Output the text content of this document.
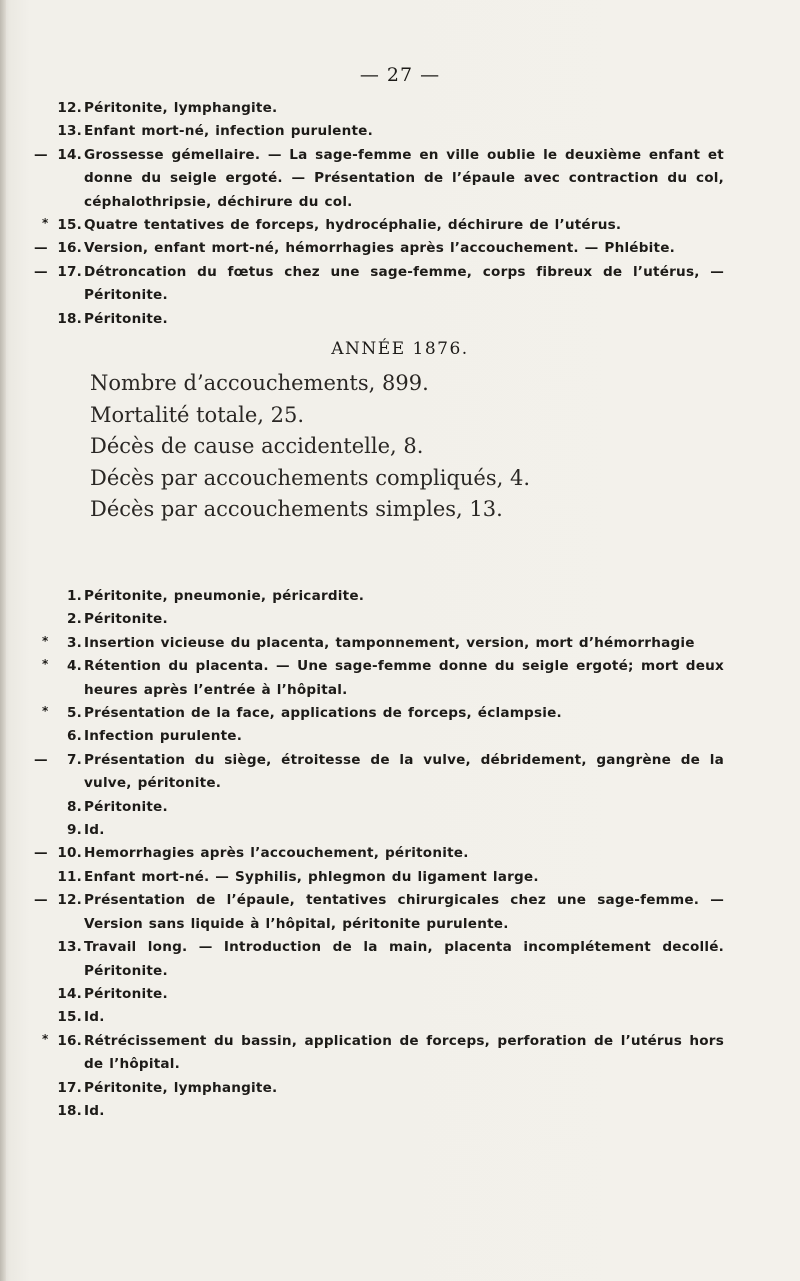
— 27 —
12. Péritonite, lymphangite.
13. Enfant mort-né, infection purulente.
— 14. Grossesse gémellaire. — La sage-femme en ville oublie le deuxième enfant et donne du seigle ergoté. — Présentation de l’épaule avec contraction du col, céphalothripsie, déchirure du col.
* 15. Quatre tentatives de forceps, hydrocéphalie, déchirure de l’utérus.
— 16. Version, enfant mort-né, hémorrhagies après l’accouchement. — Phlébite.
— 17. Détroncation du fœtus chez une sage-femme, corps fibreux de l’utérus, — Péritonite.
18. Péritonite.
ANNÉE 1876.
Nombre d’accouchements, 899.
Mortalité totale, 25.
Décès de cause accidentelle, 8.
Décès par accouchements compliqués, 4.
Décès par accouchements simples, 13.
1. Péritonite, pneumonie, péricardite.
2. Péritonite.
*	3. Insertion vicieuse du placenta, tamponnement, version, mort d’hémorrhagie
*	4. Rétention du placenta. — Une sage-femme donne du seigle ergoté; mort deux heures après l’entrée à l’hôpital.
*	5. Présentation de la face, applications de forceps, éclampsie.
6. Infection purulente.
—	7. Présentation du siège, étroitesse de la vulve, débridement, gangrène de la vulve, péritonite.
8. Péritonite.
9. Id.
— 10. Hemorrhagies après l’accouchement, péritonite.
11. Enfant mort-né. — Syphilis, phlegmon du ligament large.
— 12. Présentation de l’épaule, tentatives chirurgicales chez une sage-femme. — Version sans liquide à l’hôpital, péritonite purulente.
13. Travail long. — Introduction de la main, placenta incomplétement decollé. Péritonite.
14. Péritonite.
15. Id.
* 16. Rétrécissement du bassin, application de forceps, perforation de l’utérus hors de l’hôpital.
17. Péritonite, lymphangite.
18. Id.
